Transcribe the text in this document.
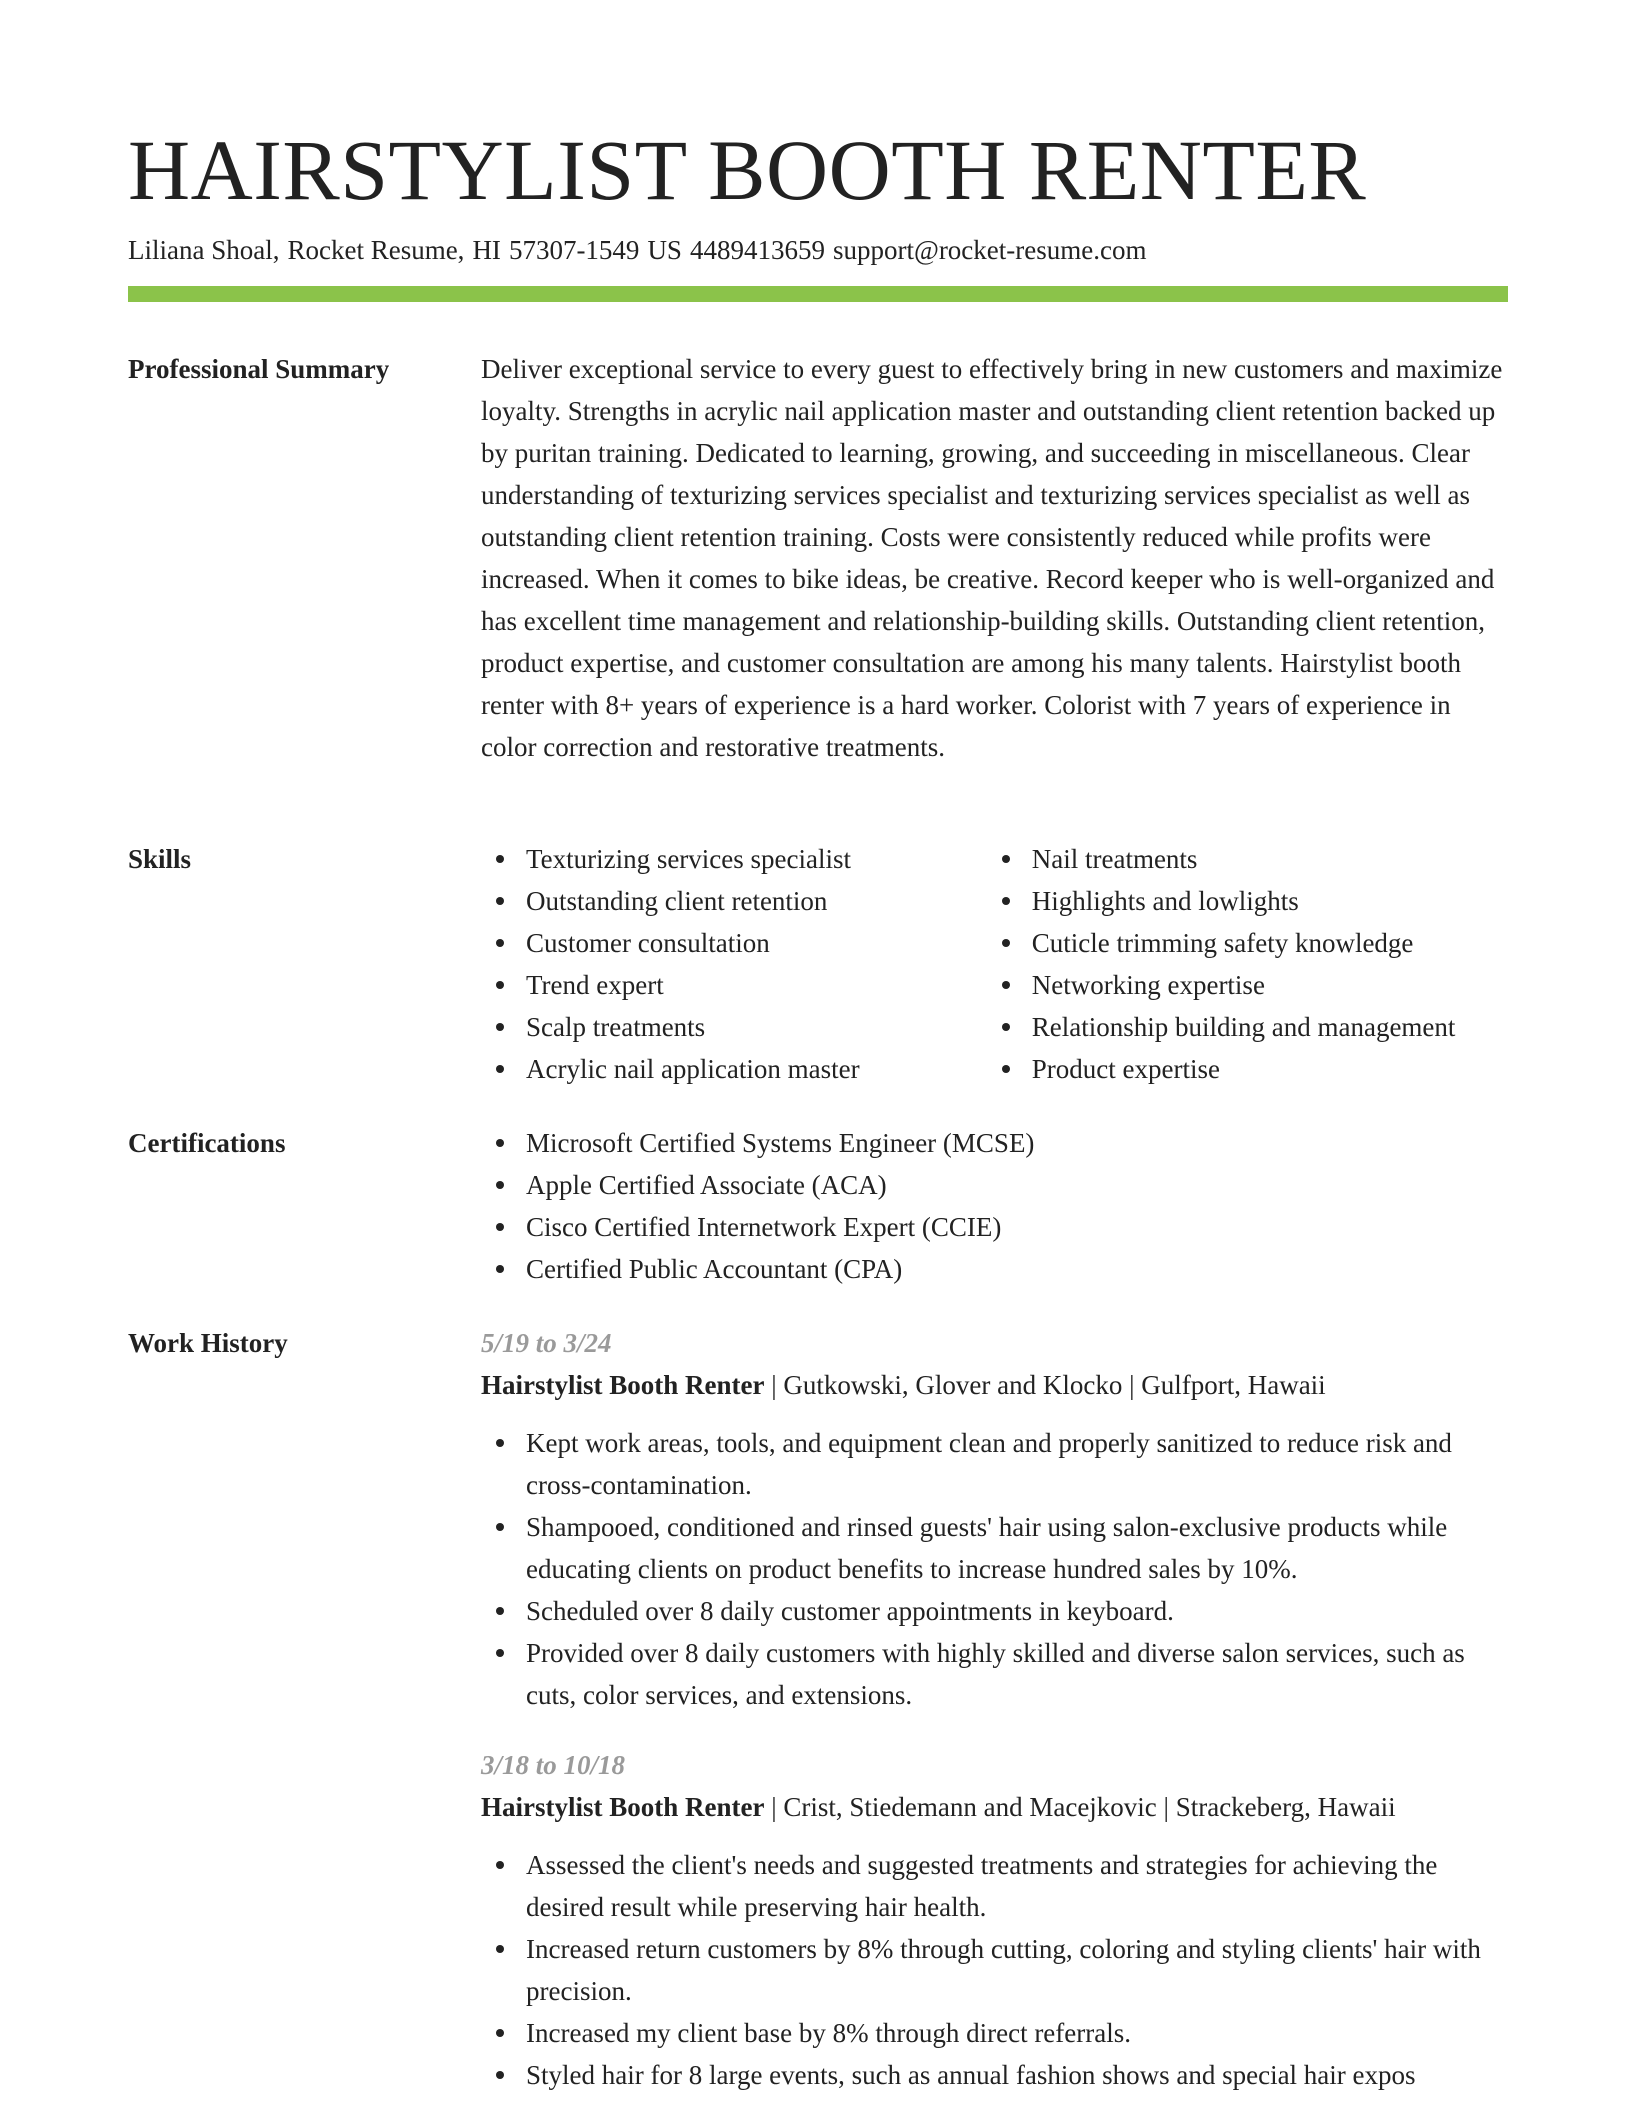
HAIRSTYLIST BOOTH RENTER
Liliana Shoal, Rocket Resume, HI 57307-1549 US 4489413659 support@rocket-resume.com
Professional Summary	Deliver exceptional service to every guest to effectively bring in new customers and maximize loyalty. Strengths in acrylic nail application master and outstanding client retention backed up by puritan training. Dedicated to learning, growing, and succeeding in miscellaneous. Clear understanding of texturizing services specialist and texturizing services specialist as well as outstanding client retention training. Costs were consistently reduced while profits were increased. When it comes to bike ideas, be creative. Record keeper who is well-organized and has excellent time management and relationship-building skills. Outstanding client retention, product expertise, and customer consultation are among his many talents. Hairstylist booth renter with 8+ years of experience is a hard worker. Colorist with 7 years of experience in color correction and restorative treatments.

Skills	Texturizing services specialist
Outstanding client retention
Customer consultation
Trend expert
Scalp treatments
Acrylic nail application master
Nail treatments
Highlights and lowlights
Cuticle trimming safety knowledge
Networking expertise
Relationship building and management
Product expertise
Certifications	Microsoft Certified Systems Engineer (MCSE)
Apple Certified Associate (ACA)
Cisco Certified Internetwork Expert (CCIE)
Certified Public Accountant (CPA)
Work History	5/19 to 3/24
Hairstylist Booth Renter | Gutkowski, Glover and Klocko | Gulfport, Hawaii
Kept work areas, tools, and equipment clean and properly sanitized to reduce risk and cross-contamination.
Shampooed, conditioned and rinsed guests' hair using salon-exclusive products while educating clients on product benefits to increase hundred sales by 10%.
Scheduled over 8 daily customer appointments in keyboard.
Provided over 8 daily customers with highly skilled and diverse salon services, such as cuts, color services, and extensions.
3/18 to 10/18
Hairstylist Booth Renter | Crist, Stiedemann and Macejkovic | Strackeberg, Hawaii
Assessed the client's needs and suggested treatments and strategies for achieving the desired result while preserving hair health.
Increased return customers by 8% through cutting, coloring and styling clients' hair with precision.
Increased my client base by 8% through direct referrals.
Styled hair for 8 large events, such as annual fashion shows and special hair expos
